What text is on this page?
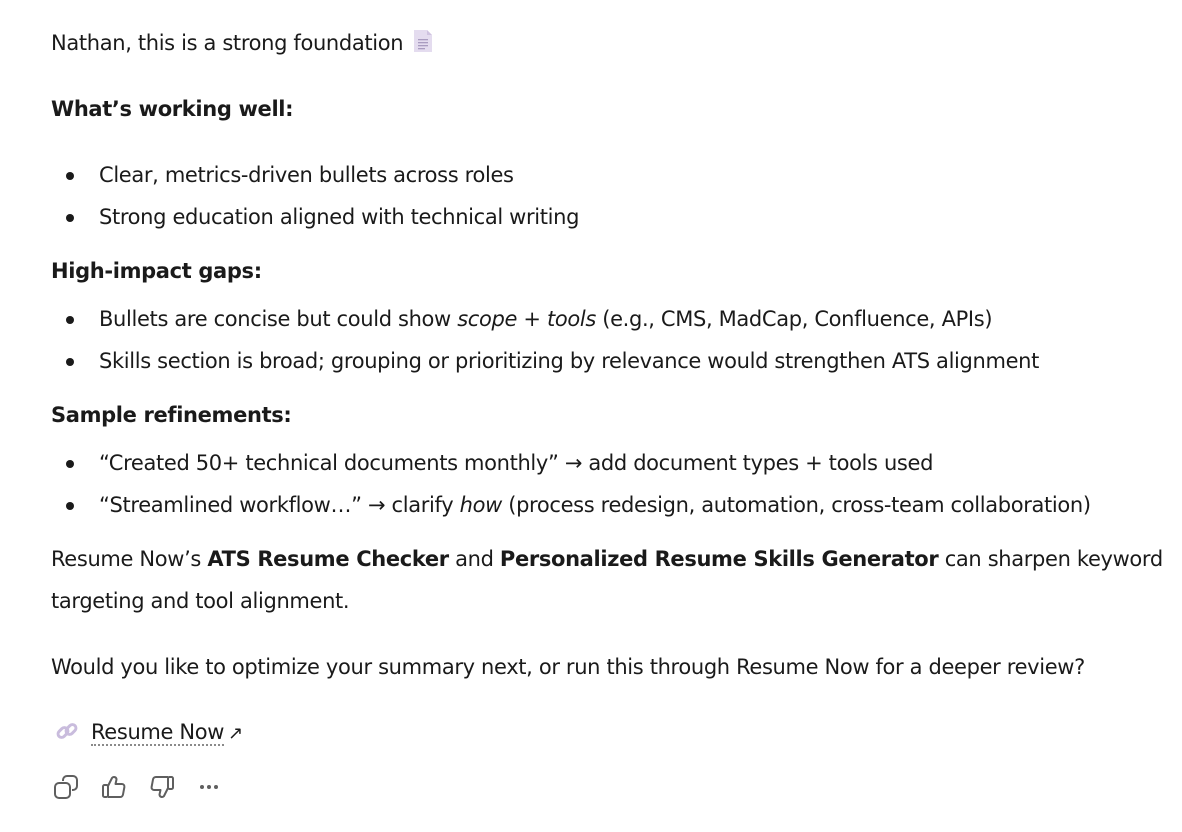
Nathan, this is a strong foundation
What’s working well:
Clear, metrics-driven bullets across roles
Strong education aligned with technical writing
High-impact gaps:
Bullets are concise but could show scope + tools (e.g., CMS, MadCap, Confluence, APIs)
Skills section is broad; grouping or prioritizing by relevance would strengthen ATS alignment
Sample refinements:
“Created 50+ technical documents monthly” → add document types + tools used
“Streamlined workflow…” → clarify how (process redesign, automation, cross-team collaboration)
Resume Now’s ATS Resume Checker and Personalized Resume Skills Generator can sharpen keyword
targeting and tool alignment.
Would you like to optimize your summary next, or run this through Resume Now for a deeper review?
Resume Now ↗
